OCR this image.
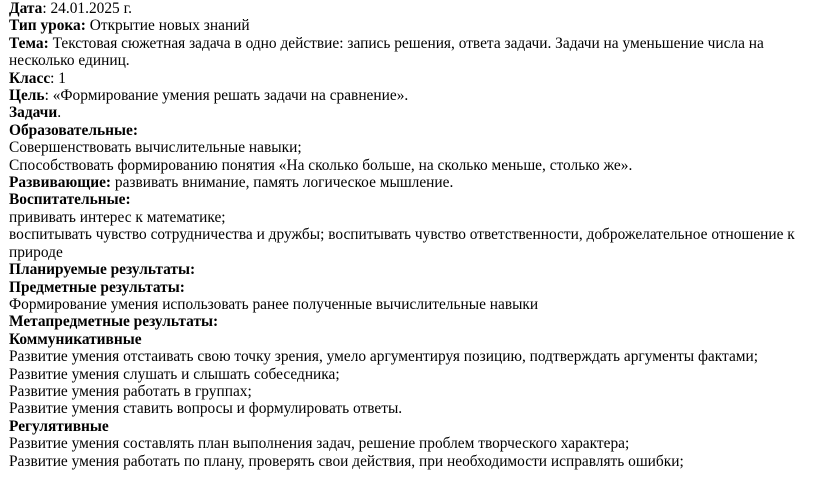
Дата: 24.01.2025 г.

Тип урока: Открытие новых знаний

Тема: Текстовая сюжетная задача в одно действие: запись решения, ответа задачи. Задачи на уменьшение числа на несколько единиц.

Класс: 1

Цель: «Формирование умения решать задачи на сравнение».

Задачи.

Образовательные:

Совершенствовать вычислительные навыки;

Способствовать формированию понятия «На сколько больше, на сколько меньше, столько же».

Развивающие: развивать внимание, память логическое мышление.

Воспитательные:

прививать интерес к математике;

воспитывать чувство сотрудничества и дружбы; воспитывать чувство ответственности, доброжелательное отношение к природе

Планируемые результаты:

Предметные результаты:

Формирование умения использовать ранее полученные вычислительные навыки

Метапредметные результаты:

Коммуникативные

Развитие умения отстаивать свою точку зрения, умело аргументируя позицию, подтверждать аргументы фактами;

Развитие умения слушать и слышать собеседника;

Развитие умения работать в группах;

Развитие умения ставить вопросы и формулировать ответы.

Регулятивные

Развитие умения составлять план выполнения задач, решение проблем творческого характера;

Развитие умения работать по плану, проверять свои действия, при необходимости исправлять ошибки;
